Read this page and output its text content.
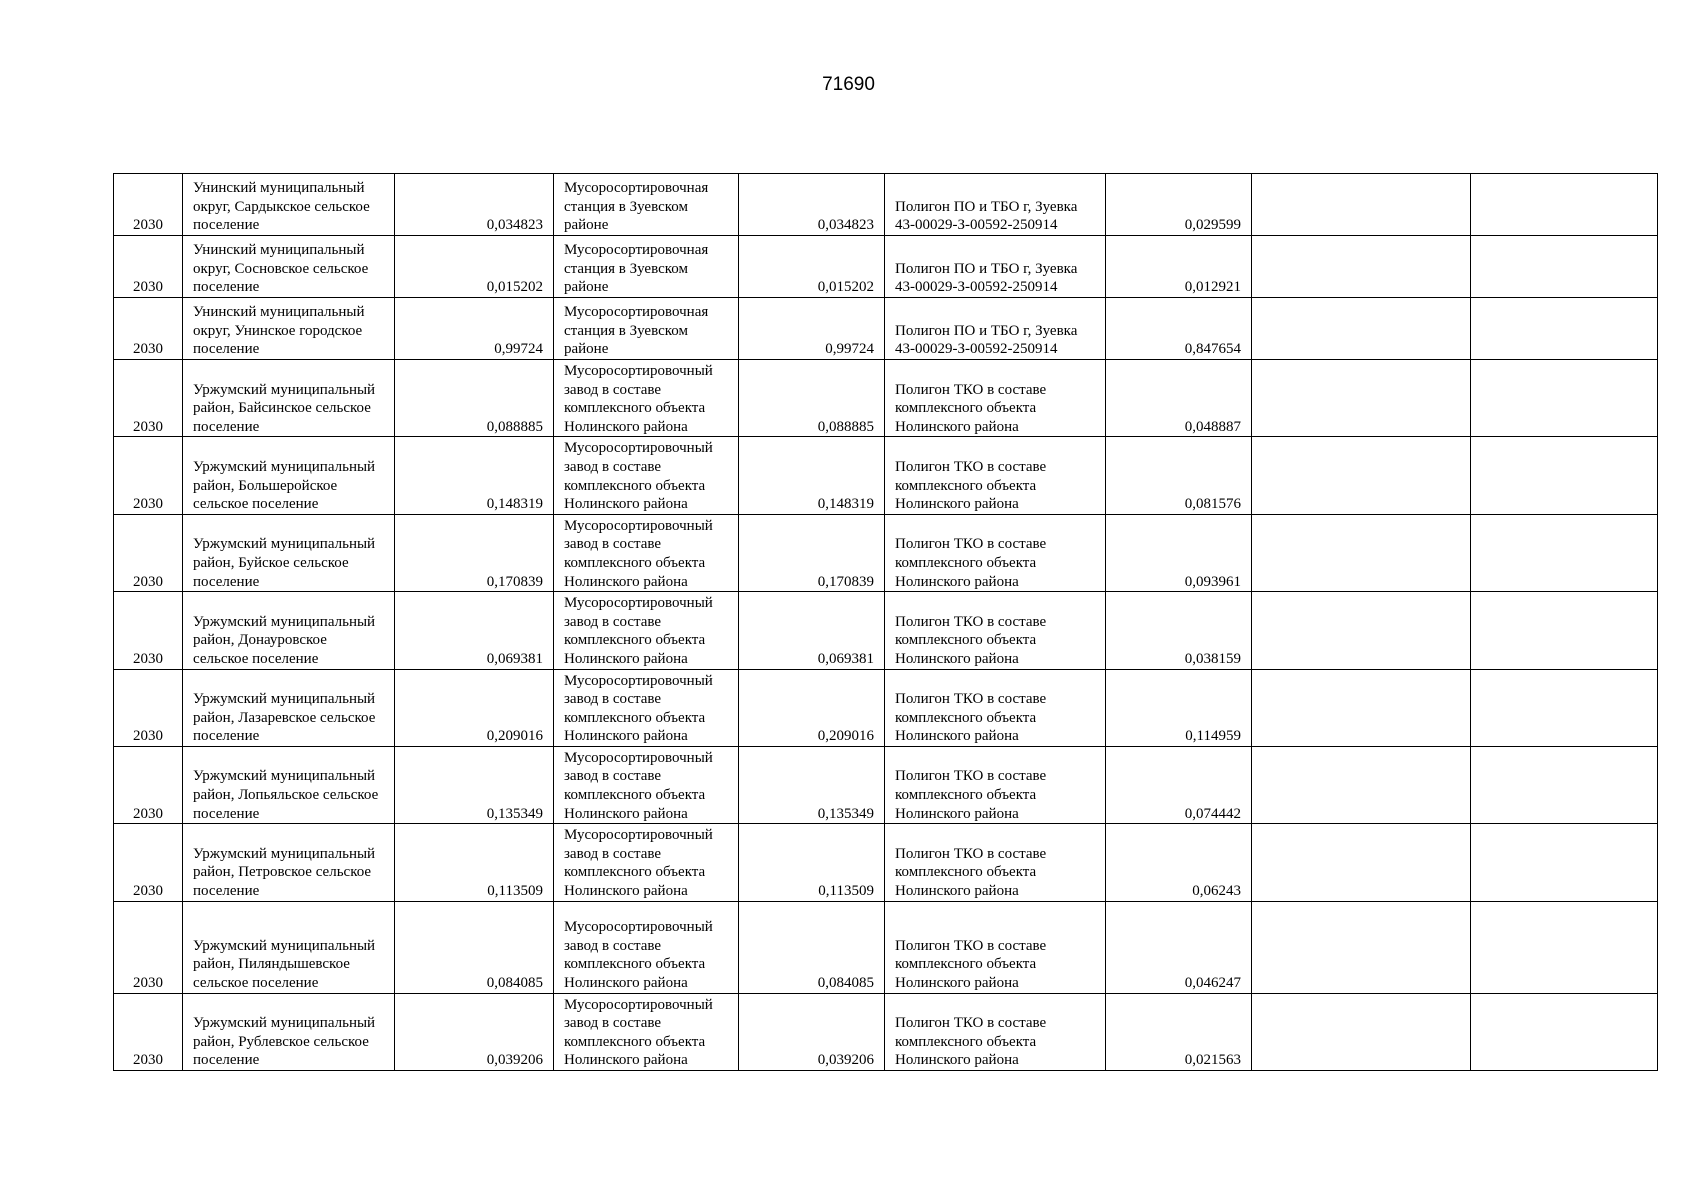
71690
2030	Унинский муниципальный округ, Сардыкское сельское поселение	0,034823	Мусоросортировочная станция в Зуевском районе	0,034823	Полигон ПО и ТБО г, Зуевка 43-00029-З-00592-250914	0,029599		
2030	Унинский муниципальный округ, Сосновское сельское поселение	0,015202	Мусоросортировочная станция в Зуевском районе	0,015202	Полигон ПО и ТБО г, Зуевка 43-00029-З-00592-250914	0,012921		
2030	Унинский муниципальный округ, Унинское городское поселение	0,99724	Мусоросортировочная станция в Зуевском районе	0,99724	Полигон ПО и ТБО г, Зуевка 43-00029-З-00592-250914	0,847654		
2030	Уржумский муниципальный район, Байсинское сельское поселение	0,088885	Мусоросортировочный завод в составе комплексного объекта Нолинского района	0,088885	Полигон ТКО в составе комплексного объекта Нолинского района	0,048887		
2030	Уржумский муниципальный район, Большеройское сельское поселение	0,148319	Мусоросортировочный завод в составе комплексного объекта Нолинского района	0,148319	Полигон ТКО в составе комплексного объекта Нолинского района	0,081576		
2030	Уржумский муниципальный район, Буйское сельское поселение	0,170839	Мусоросортировочный завод в составе комплексного объекта Нолинского района	0,170839	Полигон ТКО в составе комплексного объекта Нолинского района	0,093961		
2030	Уржумский муниципальный район, Донауровское сельское поселение	0,069381	Мусоросортировочный завод в составе комплексного объекта Нолинского района	0,069381	Полигон ТКО в составе комплексного объекта Нолинского района	0,038159		
2030	Уржумский муниципальный район, Лазаревское сельское поселение	0,209016	Мусоросортировочный завод в составе комплексного объекта Нолинского района	0,209016	Полигон ТКО в составе комплексного объекта Нолинского района	0,114959		
2030	Уржумский муниципальный район, Лопьяльское сельское поселение	0,135349	Мусоросортировочный завод в составе комплексного объекта Нолинского района	0,135349	Полигон ТКО в составе комплексного объекта Нолинского района	0,074442		
2030	Уржумский муниципальный район, Петровское сельское поселение	0,113509	Мусоросортировочный завод в составе комплексного объекта Нолинского района	0,113509	Полигон ТКО в составе комплексного объекта Нолинского района	0,06243		
2030	Уржумский муниципальный район, Пиляндышевское сельское поселение	0,084085	Мусоросортировочный завод в составе комплексного объекта Нолинского района	0,084085	Полигон ТКО в составе комплексного объекта Нолинского района	0,046247		
2030	Уржумский муниципальный район, Рублевское сельское поселение	0,039206	Мусоросортировочный завод в составе комплексного объекта Нолинского района	0,039206	Полигон ТКО в составе комплексного объекта Нолинского района	0,021563		
